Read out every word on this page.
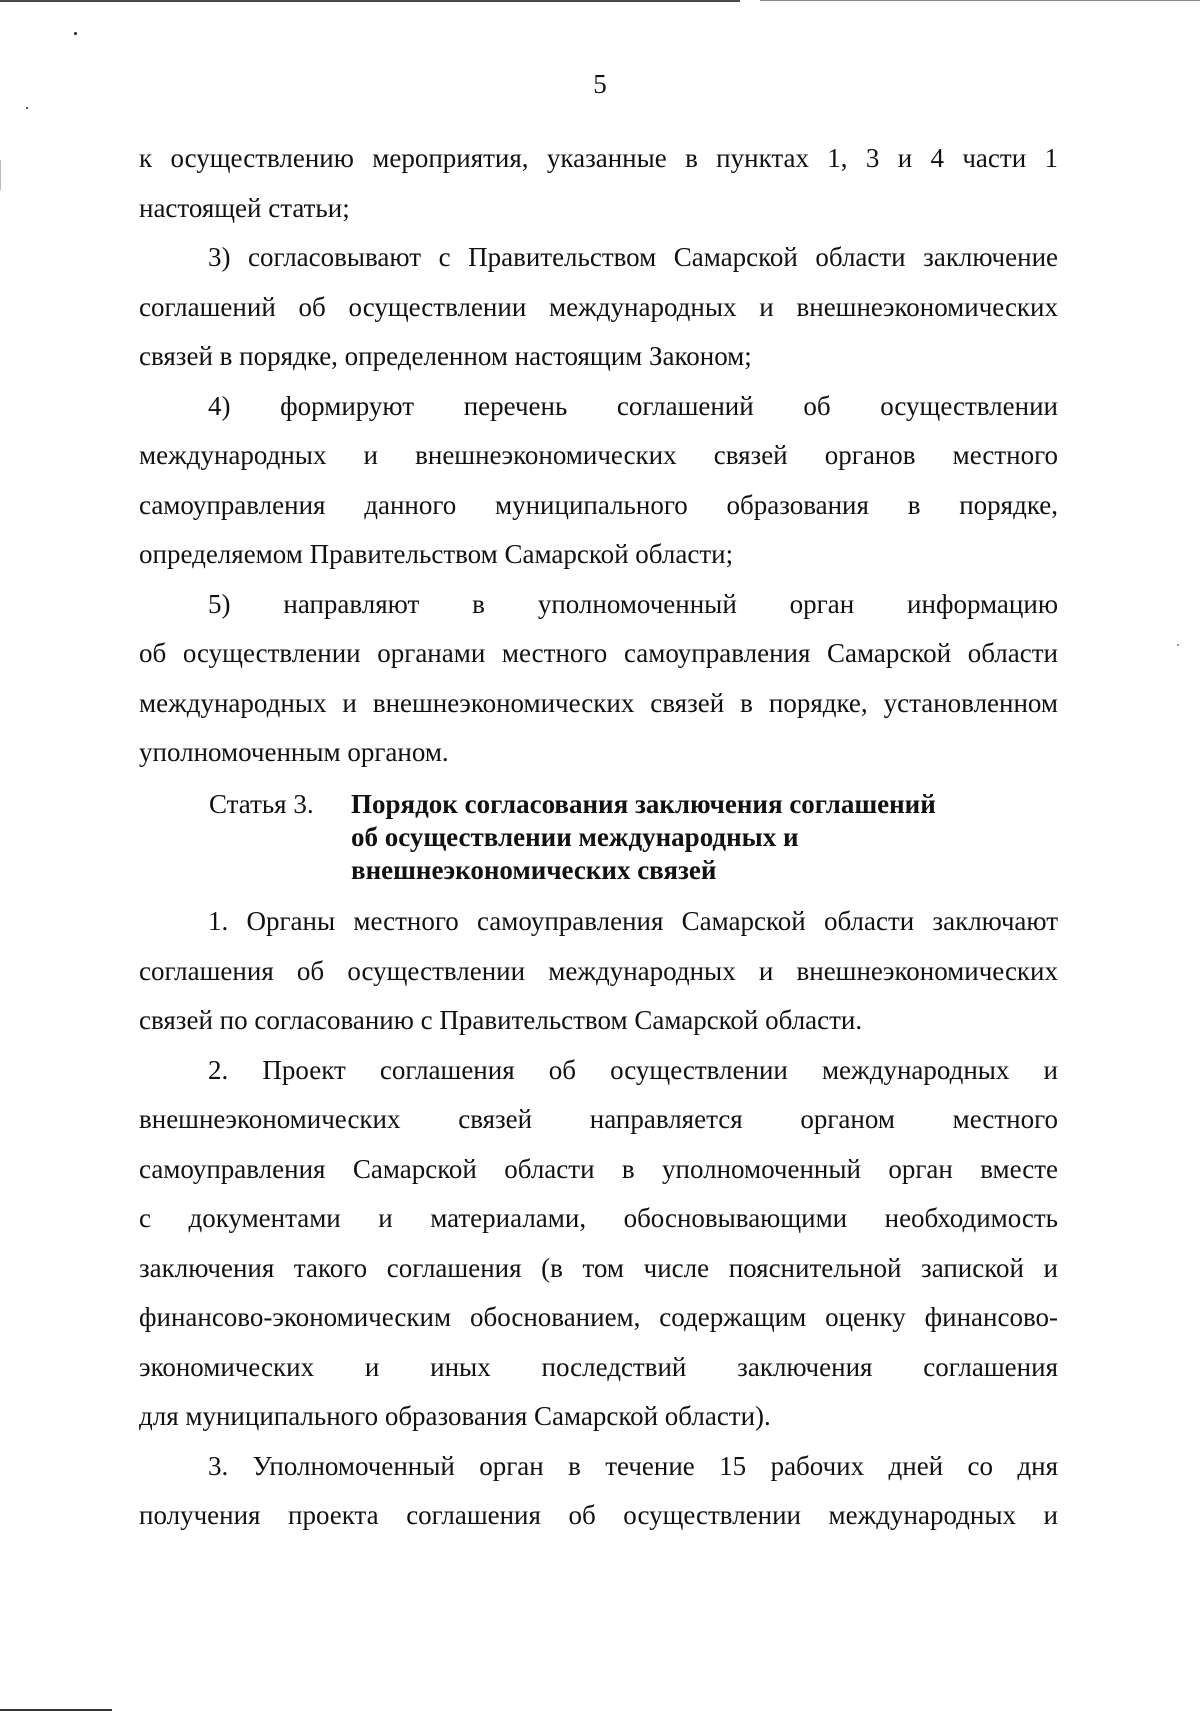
5

к осуществлению мероприятия, указанные в пунктах 1, 3 и 4 части 1

настоящей статьи;

3) согласовывают с Правительством Самарской области заключение

соглашений об осуществлении международных и внешнеэкономических

связей в порядке, определенном настоящим Законом;

4) формируют перечень соглашений об осуществлении

международных и внешнеэкономических связей органов местного

самоуправления данного муниципального образования в порядке,

определяемом Правительством Самарской области;

5) направляют в уполномоченный орган информацию

об осуществлении органами местного самоуправления Самарской области

международных и внешнеэкономических связей в порядке, установленном

уполномоченным органом.

Статья 3. Порядок согласования заключения соглашений
об осуществлении международных и
внешнеэкономических связей

1. Органы местного самоуправления Самарской области заключают

соглашения об осуществлении международных и внешнеэкономических

связей по согласованию с Правительством Самарской области.

2. Проект соглашения об осуществлении международных и

внешнеэкономических связей направляется органом местного

самоуправления Самарской области в уполномоченный орган вместе

с документами и материалами, обосновывающими необходимость

заключения такого соглашения (в том числе пояснительной запиской и

финансово-экономическим обоснованием, содержащим оценку финансово-

экономических и иных последствий заключения соглашения

для муниципального образования Самарской области).

3. Уполномоченный орган в течение 15 рабочих дней со дня

получения проекта соглашения об осуществлении международных и
